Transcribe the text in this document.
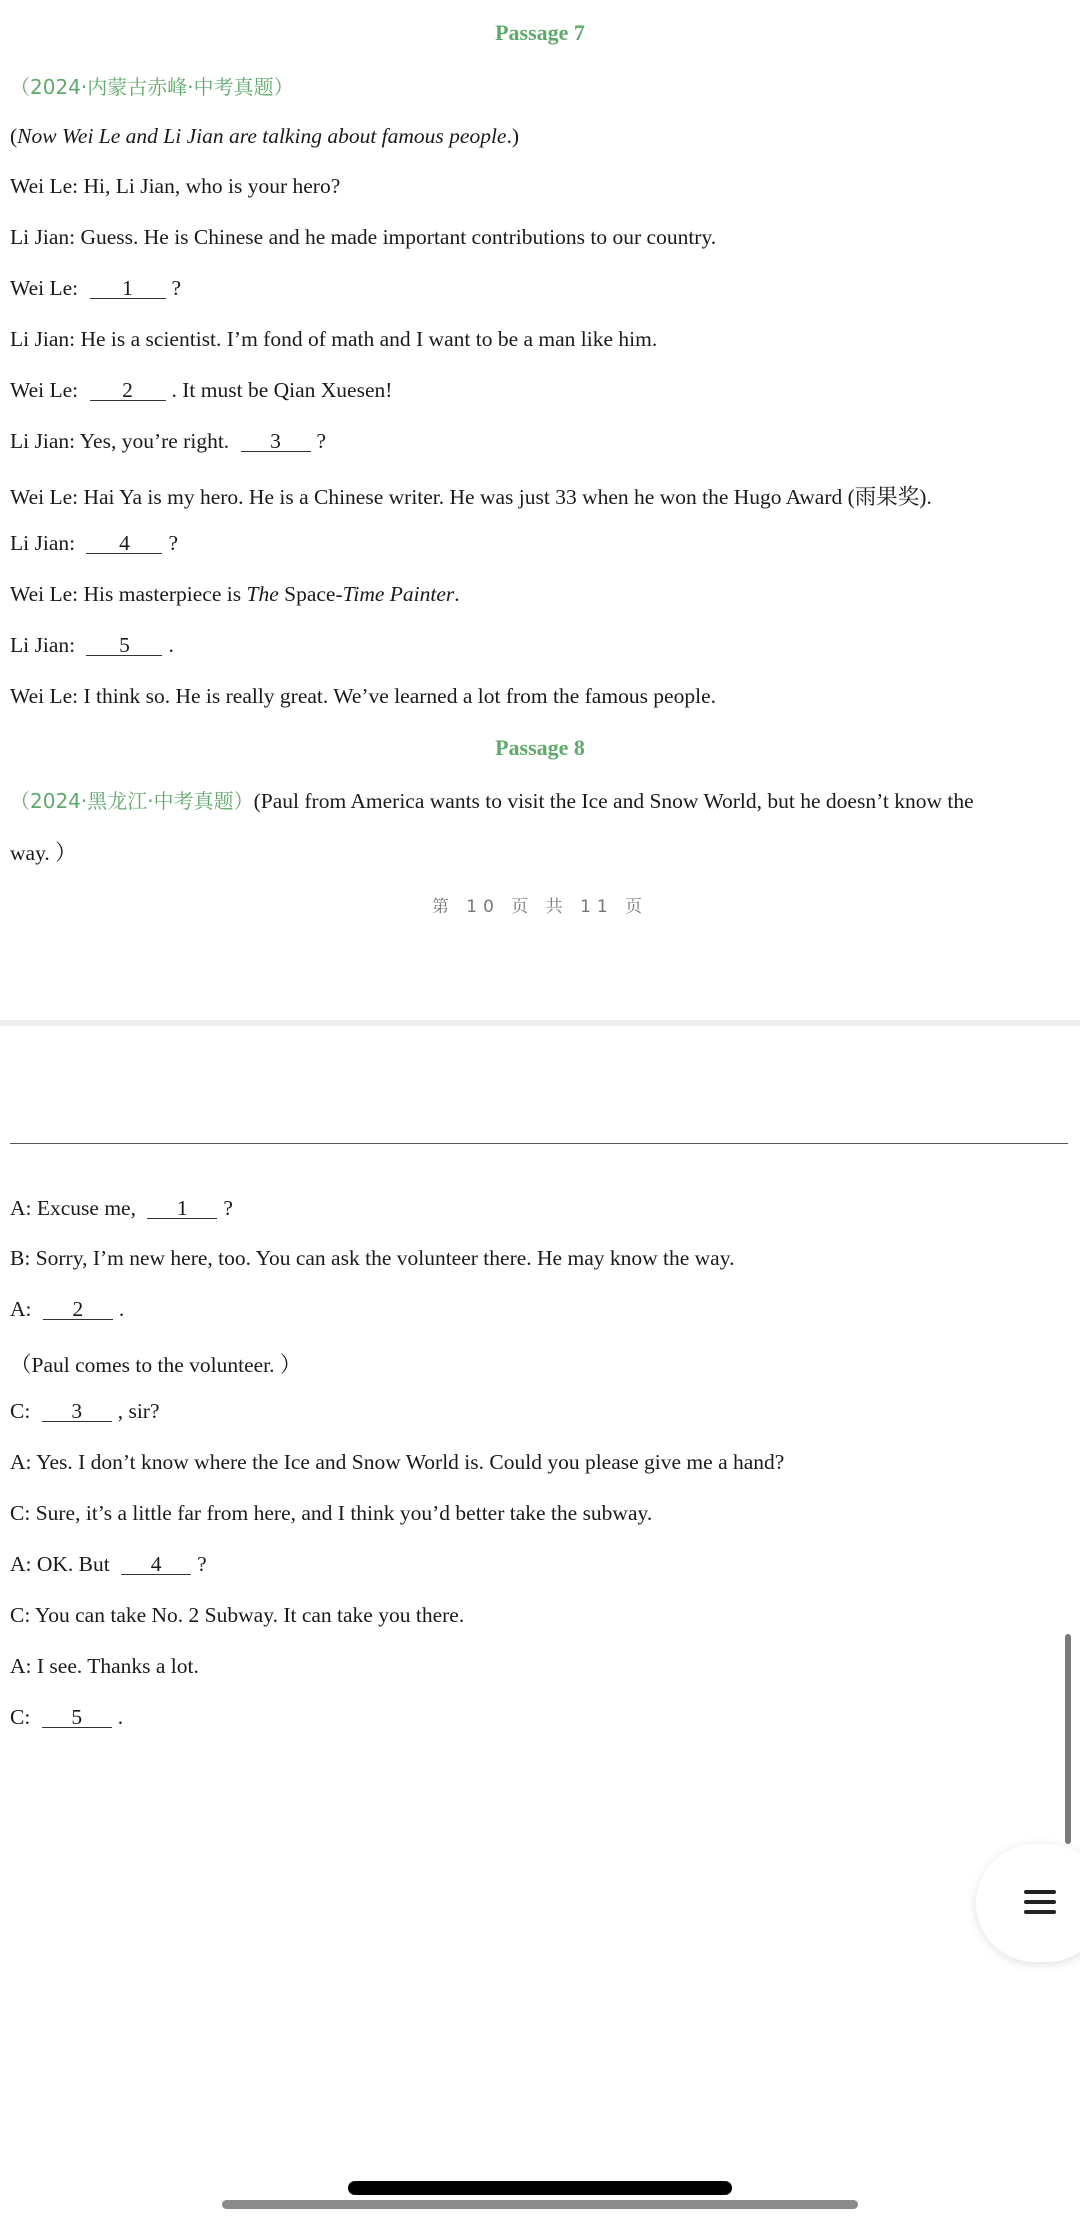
Passage 7
（2024·内蒙古赤峰·中考真题）
(Now Wei Le and Li Jian are talking about famous people.)
Wei Le: Hi, Li Jian, who is your hero?
Li Jian: Guess. He is Chinese and he made important contributions to our country.
Wei Le: 1 ?
Li Jian: He is a scientist. I’m fond of math and I want to be a man like him.
Wei Le: 2 . It must be Qian Xuesen!
Li Jian: Yes, you’re right. 3 ?
Wei Le: Hai Ya is my hero. He is a Chinese writer. He was just 33 when he won the Hugo Award (雨果奖).
Li Jian: 4 ?
Wei Le: His masterpiece is The Space-Time Painter.
Li Jian: 5 .
Wei Le: I think so. He is really great. We’ve learned a lot from the famous people.
Passage 8
（2024·黑龙江·中考真题）(Paul from America wants to visit the Ice and Snow World, but he doesn’t know the
way. ）
第 10 页 共 11 页
A: Excuse me, 1 ?
B: Sorry, I’m new here, too. You can ask the volunteer there. He may know the way.
A: 2 .
（Paul comes to the volunteer. ）
C: 3 , sir?
A: Yes. I don’t know where the Ice and Snow World is. Could you please give me a hand?
C: Sure, it’s a little far from here, and I think you’d better take the subway.
A: OK. But 4 ?
C: You can take No. 2 Subway. It can take you there.
A: I see. Thanks a lot.
C: 5 .
